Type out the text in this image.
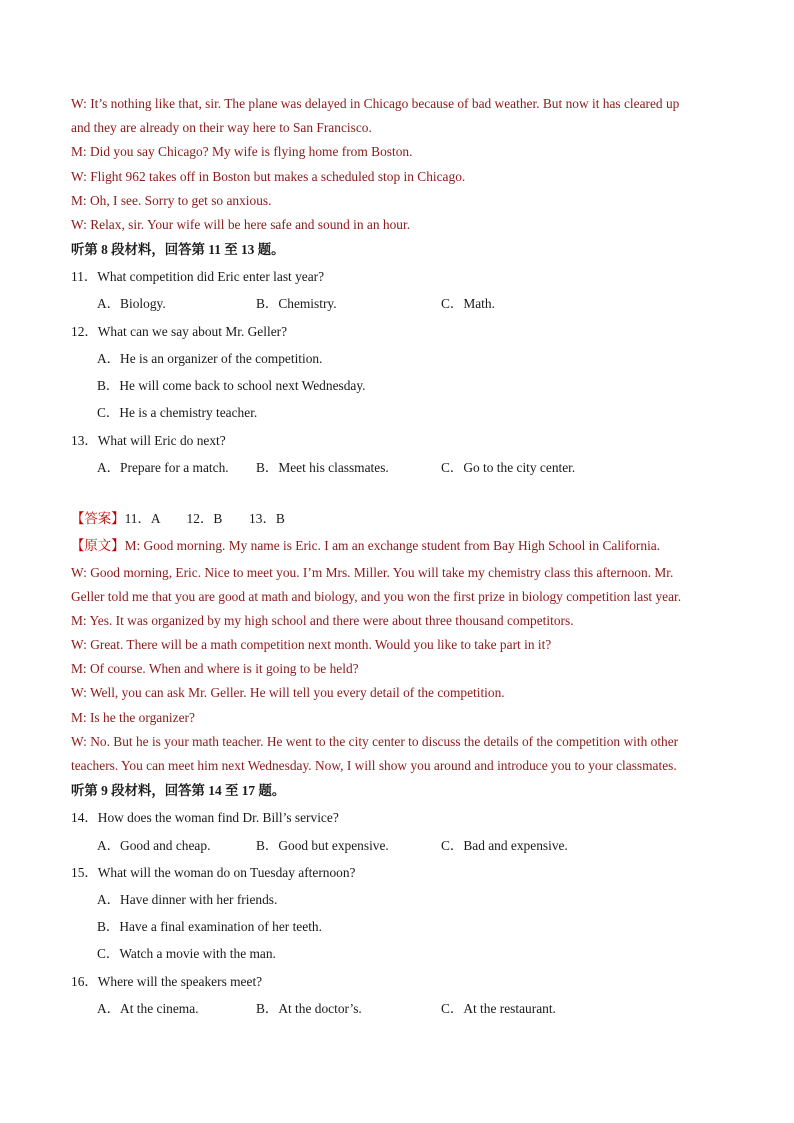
W: It’s nothing like that, sir. The plane was delayed in Chicago because of bad weather. But now it has cleared up
and they are already on their way here to San Francisco.
M: Did you say Chicago? My wife is flying home from Boston.
W: Flight 962 takes off in Boston but makes a scheduled stop in Chicago.
M: Oh, I see. Sorry to get so anxious.
W: Relax, sir. Your wife will be here safe and sound in an hour.
听第 8 段材料，回答第 11 至 13 题。
11．What competition did Eric enter last year?
A．Biology.	B．Chemistry.	C．Math.
12．What can we say about Mr. Geller?
A．He is an organizer of the competition.
B．He will come back to school next Wednesday.
C．He is a chemistry teacher.
13．What will Eric do next?
A．Prepare for a match. B．Meet his classmates.	C．Go to the city center.
【答案】11．A        12．B        13．B
【原文】M: Good morning. My name is Eric. I am an exchange student from Bay High School in California.
W: Good morning, Eric. Nice to meet you. I’m Mrs. Miller. You will take my chemistry class this afternoon. Mr.
Geller told me that you are good at math and biology, and you won the first prize in biology competition last year.
M: Yes. It was organized by my high school and there were about three thousand competitors.
W: Great. There will be a math competition next month. Would you like to take part in it?
M: Of course. When and where is it going to be held?
W: Well, you can ask Mr. Geller. He will tell you every detail of the competition.
M: Is he the organizer?
W: No. But he is your math teacher. He went to the city center to discuss the details of the competition with other
teachers. You can meet him next Wednesday. Now, I will show you around and introduce you to your classmates.
听第 9 段材料，回答第 14 至 17 题。
14．How does the woman find Dr. Bill’s service?
A．Good and cheap.	B．Good but expensive.	C．Bad and expensive.
15．What will the woman do on Tuesday afternoon?
A．Have dinner with her friends.
B．Have a final examination of her teeth.
C．Watch a movie with the man.
16．Where will the speakers meet?
A．At the cinema.	B．At the doctor’s.	C．At the restaurant.
